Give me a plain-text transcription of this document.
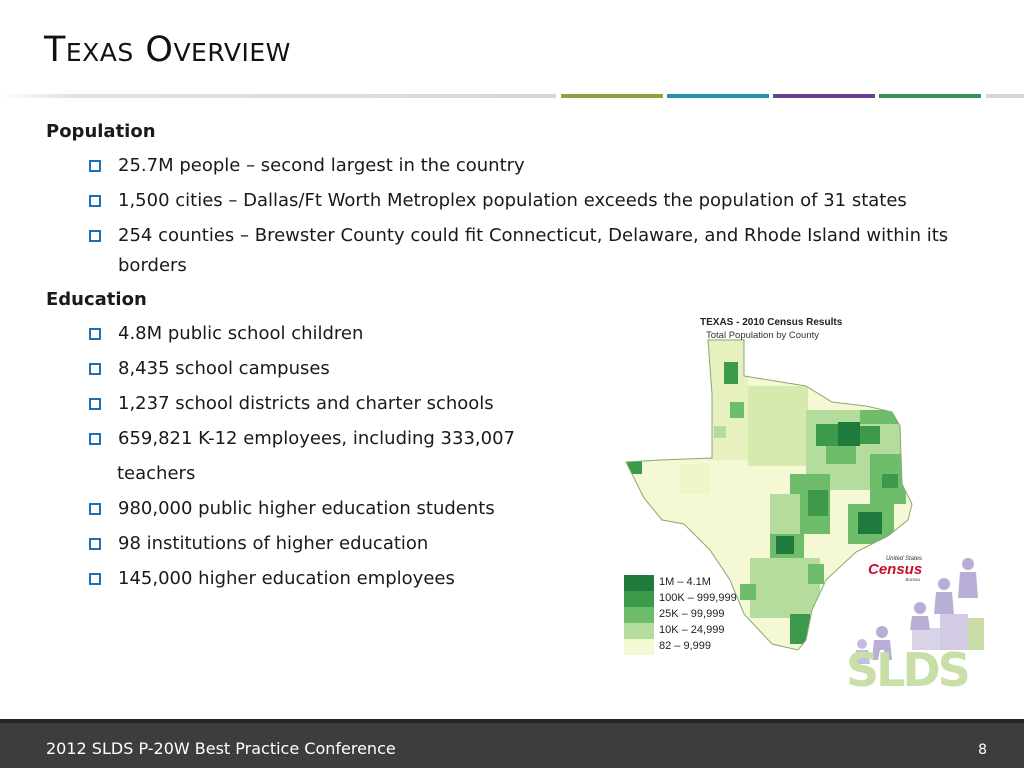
Texas Overview
Population
25.7M people – second largest in the country
1,500 cities – Dallas/Ft Worth Metroplex population exceeds the population of 31 states
254 counties – Brewster County could fit Connecticut, Delaware, and Rhode Island within its borders
Education
4.8M public school children
8,435 school campuses
1,237 school districts and charter schools
659,821 K-12 employees, including 333,007
teachers
980,000 public higher education students
98 institutions of higher education
145,000 higher education employees
TEXAS - 2010 Census Results
Total Population by County
1M – 4.1M
100K – 999,999
25K – 99,999
10K – 24,999
82 – 9,999
United States
Census
Bureau
SLDS
2012 SLDS P-20W Best Practice Conference	8
